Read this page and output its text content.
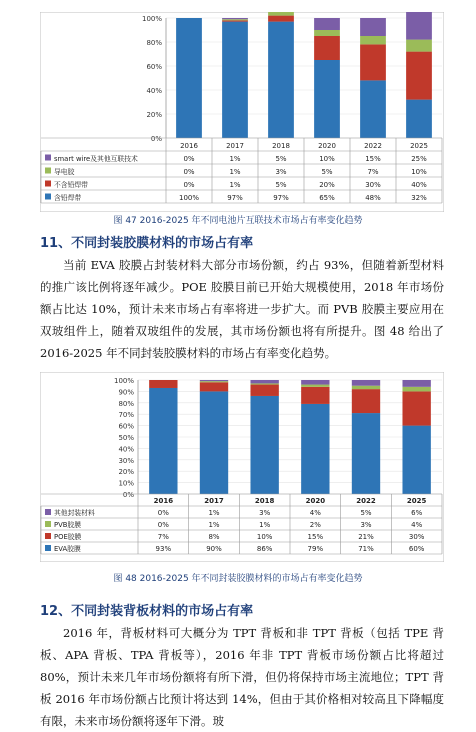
0%
20%
40%
60%
80%
100%
2016	2017	2018	2020	2022	2025
smart wire及其他互联技术	0%	1%	5%	10%	15%	25%
导电胶	0%	1%	3%	5%	7%	10%
不含铅焊带	0%	1%	5%	20%	30%	40%
含铅焊带	100%	97%	97%	65%	48%	32%
图 47 2016-2025 年不同电池片互联技术市场占有率变化趋势
11、不同封装胶膜材料的市场占有率
当前 EVA 胶膜占封装材料大部分市场份额，约占 93%，但随着新型材料的推广该比例将逐年减少。POE 胶膜目前已开始大规模使用，2018 年市场份额占比达 10%，预计未来市场占有率将进一步扩大。而 PVB 胶膜主要应用在双玻组件上，随着双玻组件的发展，其市场份额也将有所提升。图 48 给出了 2016-2025 年不同封装胶膜材料的市场占有率变化趋势。
0%
10%
20%
30%
40%
50%
60%
70%
80%
90%
100%
2016	2017	2018	2020	2022	2025
其他封装材料	0%	1%	3%	4%	5%	6%
PVB胶膜	0%	1%	1%	2%	3%	4%
POE胶膜	7%	8%	10%	15%	21%	30%
EVA胶膜	93%	90%	86%	79%	71%	60%
图 48 2016-2025 年不同封装胶膜材料的市场占有率变化趋势
12、不同封装背板材料的市场占有率
2016 年，背板材料可大概分为 TPT 背板和非 TPT 背板（包括 TPE 背板、APA 背板、TPA 背板等），2016 年非 TPT 背板市场份额占比将超过 80%，预计未来几年市场份额将有所下滑，但仍将保持市场主流地位；TPT 背板 2016 年市场份额占比预计将达到 14%，但由于其价格相对较高且下降幅度有限，未来市场份额将逐年下滑。玻
